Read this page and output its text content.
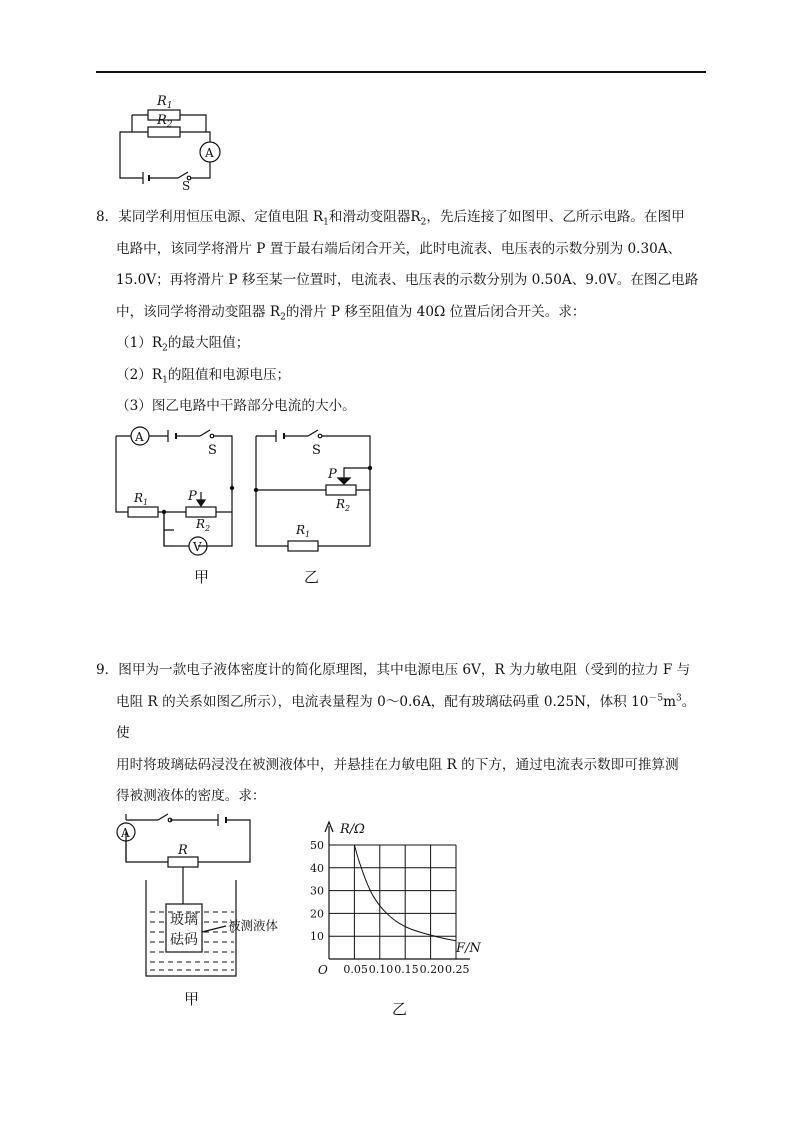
$R_1$
$R_2$
A
S

8．某同学利用恒压电源、定值电阻 $R_1$和滑动变阻器$R_2$，先后连接了如图甲、乙所示电路。在图甲

电路中，该同学将滑片 P 置于最右端后闭合开关，此时电流表、电压表的示数分别为 0.30A、

15.0V；再将滑片 P 移至某一位置时，电流表、电压表的示数分别为 0.50A、9.0V。在图乙电路

中，该同学将滑动变阻器 $R_2$的滑片 P 移至阻值为 40Ω 位置后闭合开关。求：

$(1)R_2$的最大阻值；

$(2)R_1$的阻值和电源电压；

（3）图乙电路中干路部分电流的大小。

A
S
$R_1$	P
$R_2$
V
甲
S
P
$R_2$
$R_1$
乙

9．图甲为一款电子液体密度计的简化原理图，其中电源电压 6V，R 为力敏电阻（受到的拉力 F 与

电阻 R 的关系如图乙所示），电流表量程为 0～0.6A，配有玻璃砝码重 0.25N，体积 $10^{-5}m^3$。使

用时将玻璃砝码浸没在被测液体中，并悬挂在力敏电阻 R 的下方，通过电流表示数即可推算测

得被测液体的密度。求：

A
R
玻璃
砝码
被测液体
甲
10
20
30
40
50
0.05 0.10 0.15 0.20 0.25
R/Ω
F/N
O
乙
